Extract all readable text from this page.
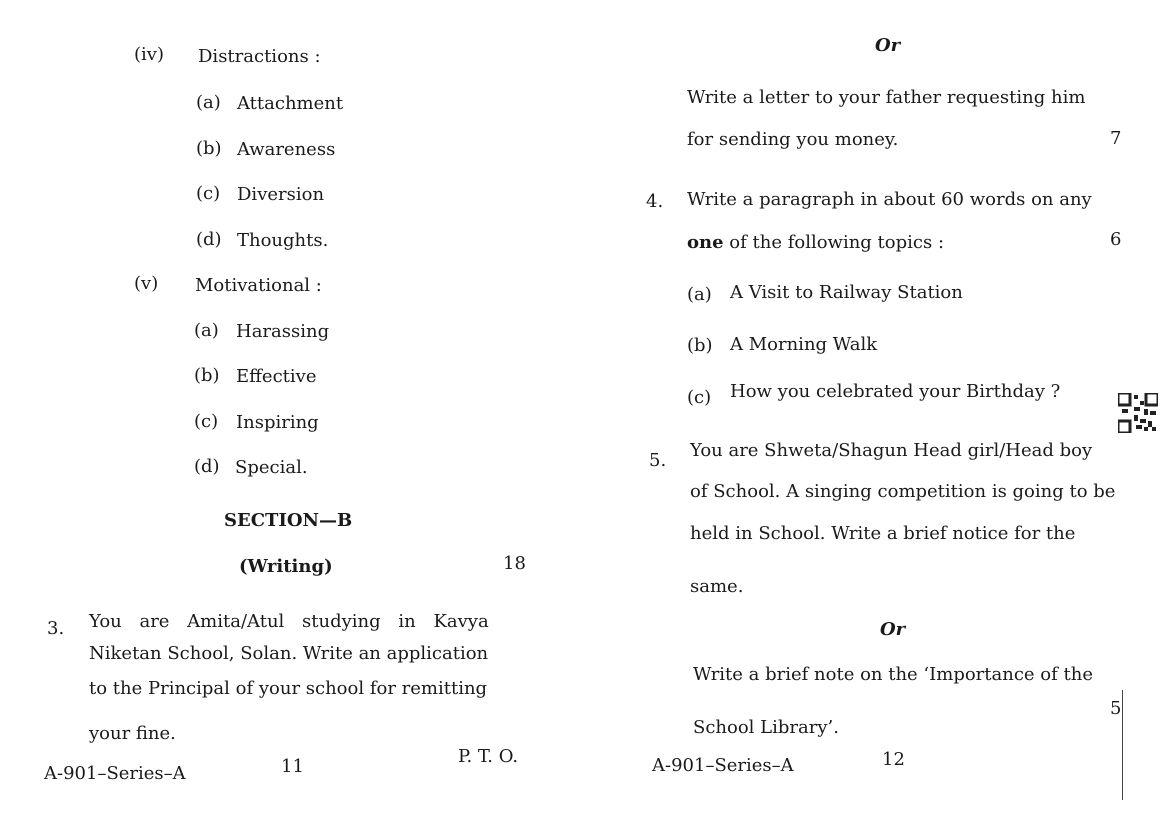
(iv) Distractions :
(a) Attachment
(b) Awareness
(c) Diversion
(d) Thoughts.
(v) Motivational :
(a) Harassing
(b) Effective
(c) Inspiring
(d) Special.
SECTION—B
(Writing)	18
3. You are Amita/Atul studying in Kavya
Niketan School, Solan. Write an application
to the Principal of your school for remitting
your fine.
A-901–Series–A	11	P. T. O.
Or
Write a letter to your father requesting him
for sending you money.	7
4. Write a paragraph in about 60 words on any
one of the following topics :	6
(a) A Visit to Railway Station
(b) A Morning Walk
(c) How you celebrated your Birthday ?
5. You are Shweta/Shagun Head girl/Head boy
of School. A singing competition is going to be
held in School. Write a brief notice for the
same.
Or
Write a brief note on the ‘Importance of the
School Library’.
5
A-901–Series–A	12
